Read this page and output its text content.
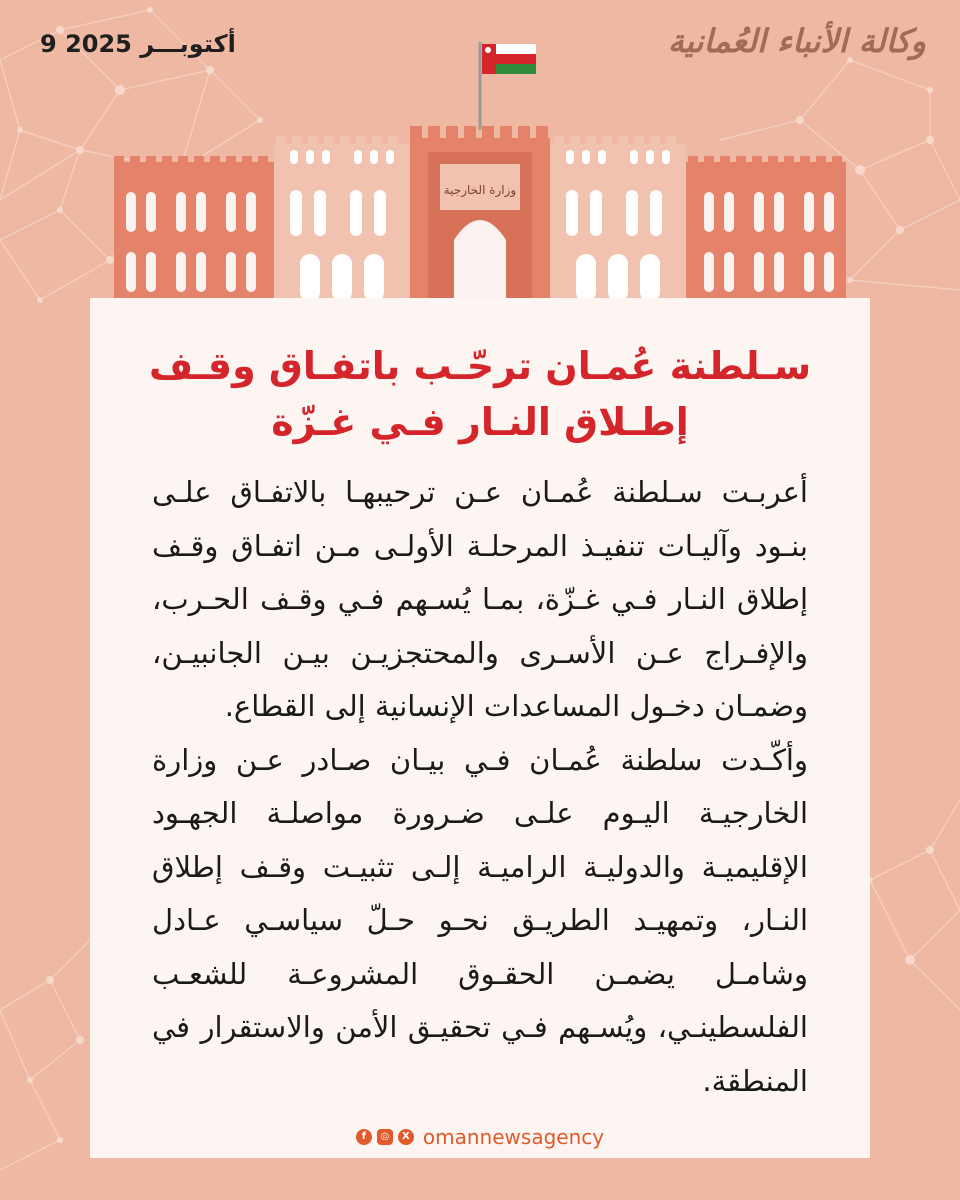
9 أكتوبـــر 2025	وكالة الأنباء العُمانية
وزارة الخارجية
سـلطنة عُمـان ترحّـب باتفـاق وقـف
إطـلاق النـار فـي غـزّة

أعربـت سـلطنة عُمـان عـن ترحيبهـا بالاتفـاق علـى بنـود وآليـات تنفيـذ المرحلـة الأولـى مـن اتفـاق وقـف إطلاق النـار فـي غـزّة، بمـا يُسـهم فـي وقـف الحـرب، والإفـراج عـن الأسـرى والمحتجزيـن بيـن الجانبيـن، وضمـان دخـول المساعدات الإنسانية إلى القطاع.

وأكّـدت سلطنة عُمـان فـي بيـان صـادر عـن وزارة الخارجيـة اليـوم علـى ضـرورة مواصلـة الجهـود الإقليميـة والدوليـة الراميـة إلـى تثبيـت وقـف إطلاق النـار، وتمهيـد الطريـق نحـو حـلّ سياسـي عـادل وشامـل يضمـن الحقـوق المشروعـة للشعـب الفلسطينـي، ويُسـهم فـي تحقيـق الأمن والاستقرار في المنطقة.

f	◎	X omannewsagency
